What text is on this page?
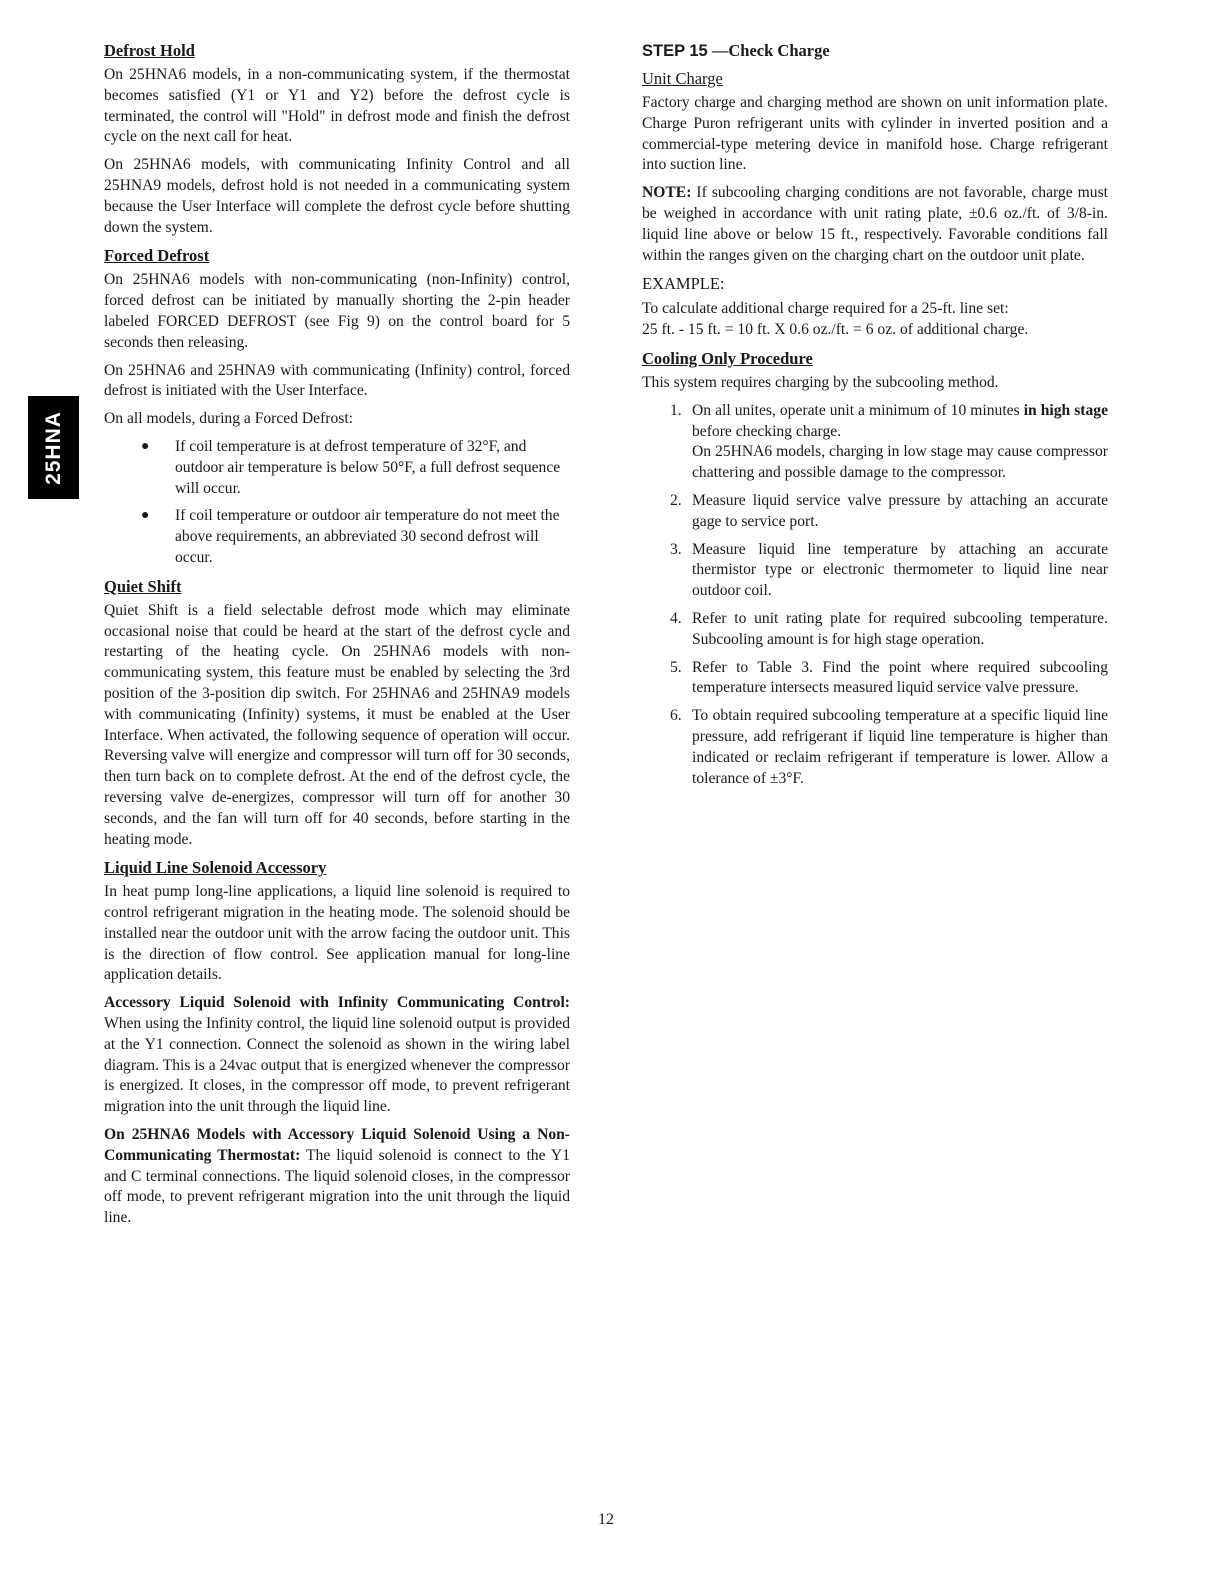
25HNA
Defrost Hold

On 25HNA6 models, in a non-communicating system, if the thermostat becomes satisfied (Y1 or Y1 and Y2) before the defrost cycle is terminated, the control will "Hold" in defrost mode and finish the defrost cycle on the next call for heat.

On 25HNA6 models, with communicating Infinity Control and all 25HNA9 models, defrost hold is not needed in a communicating system because the User Interface will complete the defrost cycle before shutting down the system.

Forced Defrost

On 25HNA6 models with non-communicating (non-Infinity) control, forced defrost can be initiated by manually shorting the 2-pin header labeled FORCED DEFROST (see Fig 9) on the control board for 5 seconds then releasing.

On 25HNA6 and 25HNA9 with communicating (Infinity) control, forced defrost is initiated with the User Interface.

On all models, during a Forced Defrost:

● If coil temperature is at defrost temperature of 32°F, and outdoor air temperature is below 50°F, a full defrost sequence will occur.

● If coil temperature or outdoor air temperature do not meet the above requirements, an abbreviated 30 second defrost will occur.

Quiet Shift

Quiet Shift is a field selectable defrost mode which may eliminate occasional noise that could be heard at the start of the defrost cycle and restarting of the heating cycle. On 25HNA6 models with non-communicating system, this feature must be enabled by selecting the 3rd position of the 3-position dip switch. For 25HNA6 and 25HNA9 models with communicating (Infinity) systems, it must be enabled at the User Interface. When activated, the following sequence of operation will occur. Reversing valve will energize and compressor will turn off for 30 seconds, then turn back on to complete defrost. At the end of the defrost cycle, the reversing valve de-energizes, compressor will turn off for another 30 seconds, and the fan will turn off for 40 seconds, before starting in the heating mode.

Liquid Line Solenoid Accessory

In heat pump long-line applications, a liquid line solenoid is required to control refrigerant migration in the heating mode. The solenoid should be installed near the outdoor unit with the arrow facing the outdoor unit. This is the direction of flow control. See application manual for long-line application details.

Accessory Liquid Solenoid with Infinity Communicating Control: When using the Infinity control, the liquid line solenoid output is provided at the Y1 connection. Connect the solenoid as shown in the wiring label diagram. This is a 24vac output that is energized whenever the compressor is energized. It closes, in the compressor off mode, to prevent refrigerant migration into the unit through the liquid line.

On 25HNA6 Models with Accessory Liquid Solenoid Using a Non-Communicating Thermostat: The liquid solenoid is connect to the Y1 and C terminal connections. The liquid solenoid closes, in the compressor off mode, to prevent refrigerant migration into the unit through the liquid line.

STEP 15 —Check Charge
Unit Charge

Factory charge and charging method are shown on unit information plate. Charge Puron refrigerant units with cylinder in inverted position and a commercial-type metering device in manifold hose. Charge refrigerant into suction line.

NOTE: If subcooling charging conditions are not favorable, charge must be weighed in accordance with unit rating plate, ±0.6 oz./ft. of 3/8-in. liquid line above or below 15 ft., respectively. Favorable conditions fall within the ranges given on the charging chart on the outdoor unit plate.

EXAMPLE:

To calculate additional charge required for a 25-ft. line set:

25 ft. - 15 ft. = 10 ft. X 0.6 oz./ft. = 6 oz. of additional charge.

Cooling Only Procedure

This system requires charging by the subcooling method.

1. On all unites, operate unit a minimum of 10 minutes in high stage before checking charge.

On 25HNA6 models, charging in low stage may cause compressor chattering and possible damage to the compressor.

2. Measure liquid service valve pressure by attaching an accurate gage to service port.

3. Measure liquid line temperature by attaching an accurate thermistor type or electronic thermometer to liquid line near outdoor coil.

4. Refer to unit rating plate for required subcooling temperature. Subcooling amount is for high stage operation.

5. Refer to Table 3. Find the point where required subcooling temperature intersects measured liquid service valve pressure.

6. To obtain required subcooling temperature at a specific liquid line pressure, add refrigerant if liquid line temperature is higher than indicated or reclaim refrigerant if temperature is lower. Allow a tolerance of ±3°F.

12
